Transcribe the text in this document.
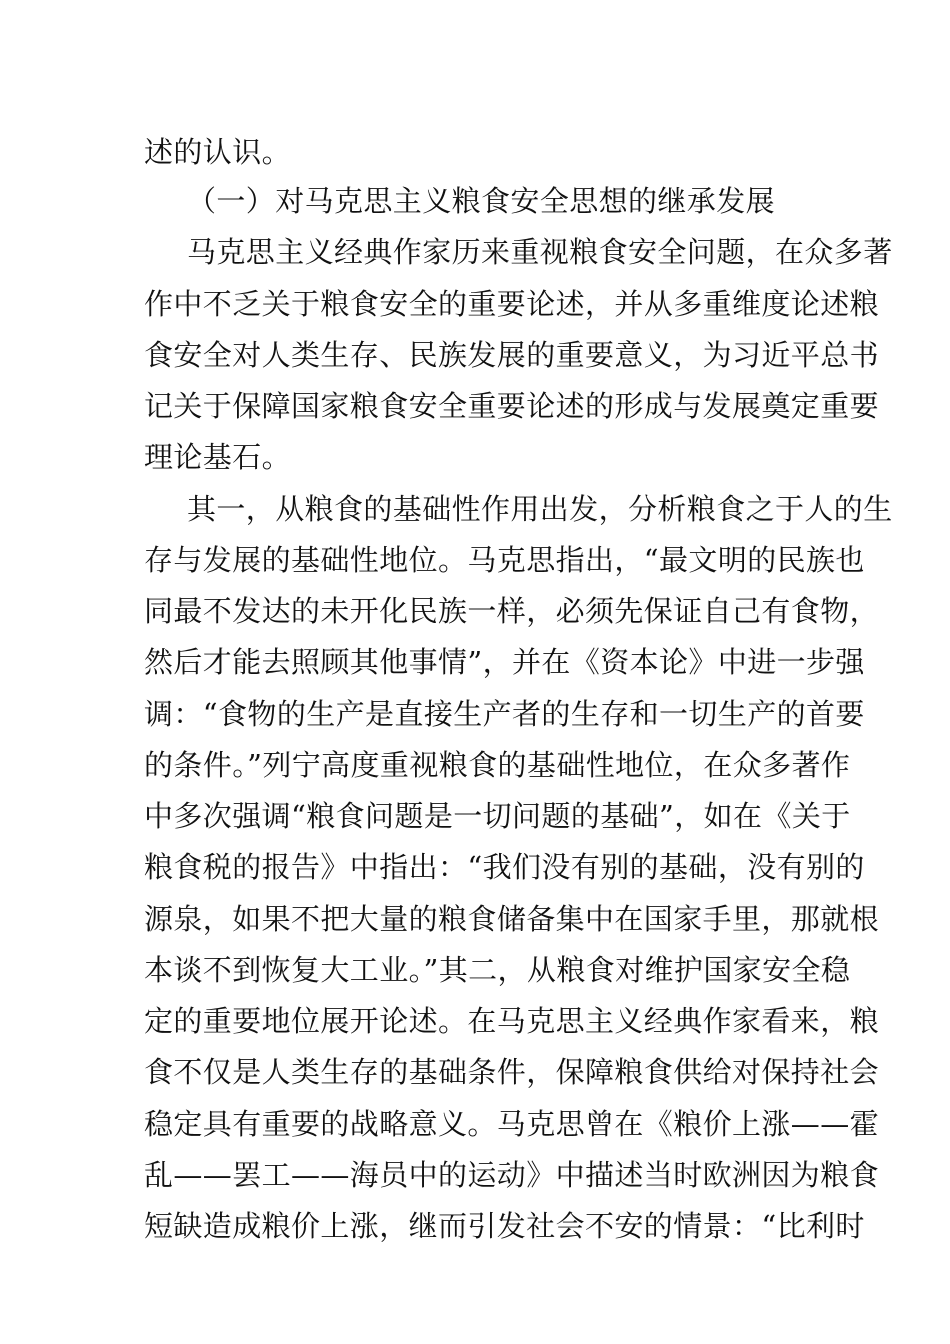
述的认识。
（一）对马克思主义粮食安全思想的继承发展
马克思主义经典作家历来重视粮食安全问题，在众多著
作中不乏关于粮食安全的重要论述，并从多重维度论述粮
食安全对人类生存、民族发展的重要意义，为习近平总书
记关于保障国家粮食安全重要论述的形成与发展奠定重要
理论基石。
其一，从粮食的基础性作用出发，分析粮食之于人的生
存与发展的基础性地位。马克思指出，“最文明的民族也
同最不发达的未开化民族一样，必须先保证自己有食物，
然后才能去照顾其他事情”，并在《资本论》中进一步强
调：“食物的生产是直接生产者的生存和一切生产的首要
的条件。”列宁高度重视粮食的基础性地位，在众多著作
中多次强调“粮食问题是一切问题的基础”，如在《关于
粮食税的报告》中指出：“我们没有别的基础，没有别的
源泉，如果不把大量的粮食储备集中在国家手里，那就根
本谈不到恢复大工业。”其二，从粮食对维护国家安全稳
定的重要地位展开论述。在马克思主义经典作家看来，粮
食不仅是人类生存的基础条件，保障粮食供给对保持社会
稳定具有重要的战略意义。马克思曾在《粮价上涨——霍
乱——罢工——海员中的运动》中描述当时欧洲因为粮食
短缺造成粮价上涨，继而引发社会不安的情景：“比利时
